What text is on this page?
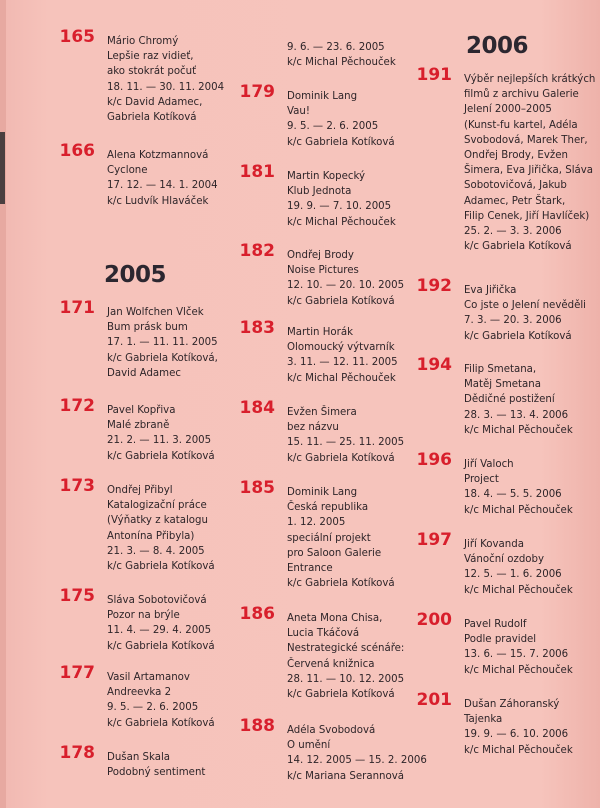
2005
2006
165 Mário Chromý
Lepšie raz vidieť,
ako stokrát počuť
18. 11. — 30. 11. 2004
k/c David Adamec,
Gabriela Kotíková
166 Alena Kotzmannová
Cyclone
17. 12. — 14. 1. 2004
k/c Ludvík Hlaváček
171 Jan Wolfchen Vlček
Bum prásk bum
17. 1. — 11. 11. 2005
k/c Gabriela Kotíková,
David Adamec
172 Pavel Kopřiva
Malé zbraně
21. 2. — 11. 3. 2005
k/c Gabriela Kotíková
173 Ondřej Přibyl
Katalogizační práce
(Výňatky z katalogu
Antonína Přibyla)
21. 3. — 8. 4. 2005
k/c Gabriela Kotíková
175 Sláva Sobotovičová
Pozor na brýle
11. 4. — 29. 4. 2005
k/c Gabriela Kotíková
177 Vasil Artamanov
Andreevka 2
9. 5. — 2. 6. 2005
k/c Gabriela Kotíková
178 Dušan Skala
Podobný sentiment
9. 6. — 23. 6. 2005
k/c Michal Pěchouček
179 Dominik Lang
Vau!
9. 5. — 2. 6. 2005
k/c Gabriela Kotíková
181 Martin Kopecký
Klub Jednota
19. 9. — 7. 10. 2005
k/c Michal Pěchouček
182 Ondřej Brody
Noise Pictures
12. 10. — 20. 10. 2005
k/c Gabriela Kotíková
183 Martin Horák
Olomoucký výtvarník
3. 11. — 12. 11. 2005
k/c Michal Pěchouček
184 Evžen Šimera
bez názvu
15. 11. — 25. 11. 2005
k/c Gabriela Kotíková
185 Dominik Lang
Česká republika
1. 12. 2005
speciální projekt
pro Saloon Galerie
Entrance
k/c Gabriela Kotíková
186 Aneta Mona Chisa,
Lucia Tkáčová
Nestrategické scénáře:
Červená knižnica
28. 11. — 10. 12. 2005
k/c Gabriela Kotíková
188 Adéla Svobodová
O umění
14. 12. 2005 — 15. 2. 2006
k/c Mariana Serannová
191 Výběr nejlepších krátkých
filmů z archivu Galerie
Jelení 2000–2005
(Kunst-fu kartel, Adéla
Svobodová, Marek Ther,
Ondřej Brody, Evžen
Šimera, Eva Jiřička, Sláva
Sobotovičová, Jakub
Adamec, Petr Štark,
Filip Cenek, Jiří Havlíček)
25. 2. — 3. 3. 2006
k/c Gabriela Kotíková
192 Eva Jiřička
Co jste o Jelení nevěděli
7. 3. — 20. 3. 2006
k/c Gabriela Kotíková
194 Filip Smetana,
Matěj Smetana
Dědičné postižení
28. 3. — 13. 4. 2006
k/c Michal Pěchouček
196 Jiří Valoch
Project
18. 4. — 5. 5. 2006
k/c Michal Pěchouček
197 Jiří Kovanda
Vánoční ozdoby
12. 5. — 1. 6. 2006
k/c Michal Pěchouček
200 Pavel Rudolf
Podle pravidel
13. 6. — 15. 7. 2006
k/c Michal Pěchouček
201 Dušan Záhoranský
Tajenka
19. 9. — 6. 10. 2006
k/c Michal Pěchouček
